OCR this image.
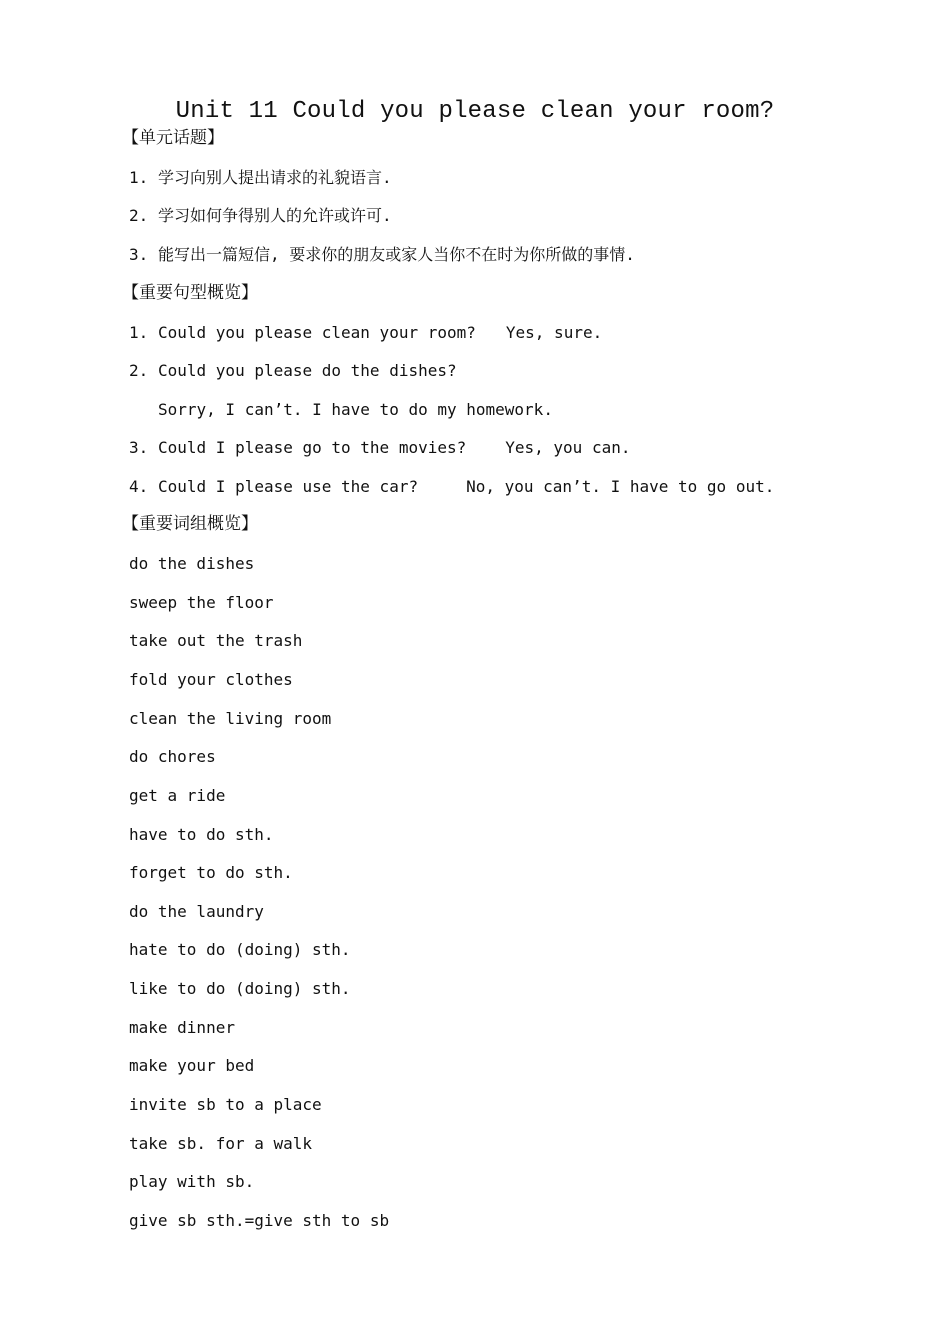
Unit 11 Could you please clean your room?
【单元话题】
1. 学习向别人提出请求的礼貌语言.
2. 学习如何争得别人的允许或许可.
3. 能写出一篇短信, 要求你的朋友或家人当你不在时为你所做的事情.
【重要句型概览】
1. Could you please clean your room? Yes, sure.
2. Could you please do the dishes?
Sorry, I can’t. I have to do my homework.
3. Could I please go to the movies? Yes, you can.
4. Could I please use the car?	No, you can’t. I have to go out.
【重要词组概览】
do the dishes
sweep the floor
take out the trash
fold your clothes
clean the living room
do chores
get a ride
have to do sth.
forget to do sth.
do the laundry
hate to do (doing) sth.
like to do (doing) sth.
make dinner
make your bed
invite sb to a place
take sb. for a walk
play with sb.
give sb sth.=give sth to sb
